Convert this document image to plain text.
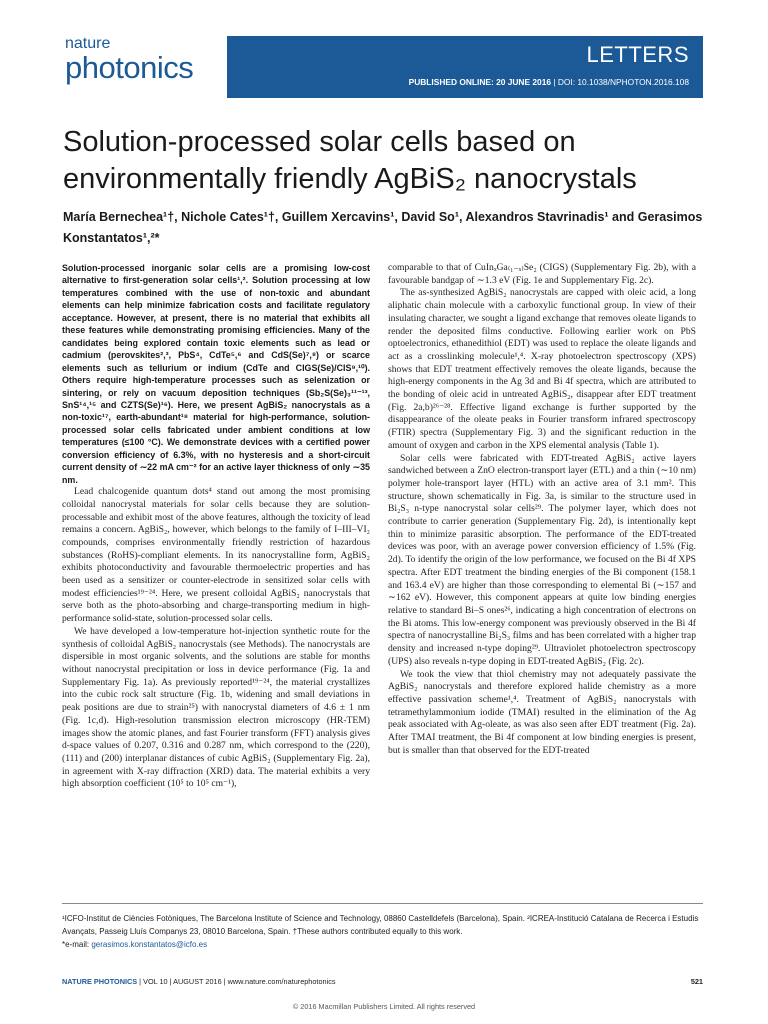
nature
photonics	LETTERS
PUBLISHED ONLINE: 20 JUNE 2016 | DOI: 10.1038/NPHOTON.2016.108
Solution-processed solar cells based on environmentally friendly AgBiS₂ nanocrystals
María Bernechea¹†, Nichole Cates¹†, Guillem Xercavins¹, David So¹, Alexandros Stavrinadis¹ and Gerasimos Konstantatos¹,²*

Solution-processed inorganic solar cells are a promising low-cost alternative to first-generation solar cells¹,². Solution processing at low temperatures combined with the use of non-toxic and abundant elements can help minimize fabrication costs and facilitate regulatory acceptance. However, at present, there is no material that exhibits all these features while demonstrating promising efficiencies. Many of the candidates being explored contain toxic elements such as lead or cadmium (perovskites²,³, PbS⁴, CdTe⁵,⁶ and CdS(Se)⁷,⁸) or scarce elements such as tellurium or indium (CdTe and CIGS(Se)/CIS⁹,¹⁰). Others require high-temperature processes such as selenization or sintering, or rely on vacuum deposition techniques (Sb₂S(Se)₃¹¹⁻¹³, SnS¹⁴,¹⁵ and CZTS(Se)¹⁶). Here, we present AgBiS₂ nanocrystals as a non-toxic¹⁷, earth-abundant¹⁸ material for high-performance, solution-processed solar cells fabricated under ambient conditions at low temperatures (≤100 °C). We demonstrate devices with a certified power conversion efficiency of 6.3%, with no hysteresis and a short-circuit current density of ∼22 mA cm⁻² for an active layer thickness of only ∼35 nm.

Lead chalcogenide quantum dots⁴ stand out among the most promising colloidal nanocrystal materials for solar cells because they are solution-processable and exhibit most of the above features, although the toxicity of lead remains a concern. AgBiS₂, however, which belongs to the family of I–III–VI₂ compounds, comprises environmentally friendly restriction of hazardous substances (RoHS)-compliant elements. In its nanocrystalline form, AgBiS₂ exhibits photoconductivity and favourable thermoelectric properties and has been used as a sensitizer or counter-electrode in sensitized solar cells with modest efficiencies¹⁹⁻²⁴. Here, we present colloidal AgBiS₂ nanocrystals that serve both as the photo-absorbing and charge-transporting medium in high-performance solid-state, solution-processed solar cells.

We have developed a low-temperature hot-injection synthetic route for the synthesis of colloidal AgBiS₂ nanocrystals (see Methods). The nanocrystals are dispersible in most organic solvents, and the solutions are stable for months without nanocrystal precipitation or loss in device performance (Fig. 1a and Supplementary Fig. 1a). As previously reported¹⁹⁻²⁴, the material crystallizes into the cubic rock salt structure (Fig. 1b, widening and small deviations in peak positions are due to strain²⁵) with nanocrystal diameters of 4.6 ± 1 nm (Fig. 1c,d). High-resolution transmission electron microscopy (HR-TEM) images show the atomic planes, and fast Fourier transform (FFT) analysis gives d-space values of 0.207, 0.316 and 0.287 nm, which correspond to the (220), (111) and (200) interplanar distances of cubic AgBiS₂ (Supplementary Fig. 2a), in agreement with X-ray diffraction (XRD) data. The material exhibits a very high absorption coefficient (10⁵ to 10⁵ cm⁻¹),

comparable to that of CuInₓGa₍₁₋ₓ₎Se₂ (CIGS) (Supplementary Fig. 2b), with a favourable bandgap of ∼1.3 eV (Fig. 1e and Supplementary Fig. 2c).

The as-synthesized AgBiS₂ nanocrystals are capped with oleic acid, a long aliphatic chain molecule with a carboxylic functional group. In view of their insulating character, we sought a ligand exchange that removes oleate ligands to render the deposited films conductive. Following earlier work on PbS optoelectronics, ethanedithiol (EDT) was used to replace the oleate ligands and act as a crosslinking molecule¹,⁴. X-ray photoelectron spectroscopy (XPS) shows that EDT treatment effectively removes the oleate ligands, because the high-energy components in the Ag 3d and Bi 4f spectra, which are attributed to the bonding of oleic acid in untreated AgBiS₂, disappear after EDT treatment (Fig. 2a,b)²⁶⁻²⁸. Effective ligand exchange is further supported by the disappearance of the oleate peaks in Fourier transform infrared spectroscopy (FTIR) spectra (Supplementary Fig. 3) and the significant reduction in the amount of oxygen and carbon in the XPS elemental analysis (Table 1).

Solar cells were fabricated with EDT-treated AgBiS₂ active layers sandwiched between a ZnO electron-transport layer (ETL) and a thin (∼10 nm) polymer hole-transport layer (HTL) with an active area of 3.1 mm². This structure, shown schematically in Fig. 3a, is similar to the structure used in Bi₂S₃ n-type nanocrystal solar cells²⁹. The polymer layer, which does not contribute to carrier generation (Supplementary Fig. 2d), is intentionally kept thin to minimize parasitic absorption. The performance of the EDT-treated devices was poor, with an average power conversion efficiency of 1.5% (Fig. 2d). To identify the origin of the low performance, we focused on the Bi 4f XPS spectra. After EDT treatment the binding energies of the Bi component (158.1 and 163.4 eV) are higher than those corresponding to elemental Bi (∼157 and ∼162 eV). However, this component appears at quite low binding energies relative to standard Bi–S ones²⁶, indicating a high concentration of electrons on the Bi atoms. This low-energy component was previously observed in the Bi 4f spectra of nanocrystalline Bi₂S₃ films and has been correlated with a higher trap density and increased n-type doping²⁹. Ultraviolet photoelectron spectroscopy (UPS) also reveals n-type doping in EDT-treated AgBiS₂ (Fig. 2c).

We took the view that thiol chemistry may not adequately passivate the AgBiS₂ nanocrystals and therefore explored halide chemistry as a more effective passivation scheme¹,⁴. Treatment of AgBiS₂ nanocrystals with tetramethylammonium iodide (TMAI) resulted in the elimination of the Ag peak associated with Ag-oleate, as was also seen after EDT treatment (Fig. 2a). After TMAI treatment, the Bi 4f component at low binding energies is present, but is smaller than that observed for the EDT-treated

¹ICFO-Institut de Ciències Fotòniques, The Barcelona Institute of Science and Technology, 08860 Castelldefels (Barcelona), Spain. ²ICREA-Institució Catalana de Recerca i Estudis Avançats, Passeig Lluís Companys 23, 08010 Barcelona, Spain. †These authors contributed equally to this work.
*e-mail: gerasimos.konstantatos@icfo.es
NATURE PHOTONICS | VOL 10 | AUGUST 2016 | www.nature.com/naturephotonics	521
© 2016 Macmillan Publishers Limited. All rights reserved
